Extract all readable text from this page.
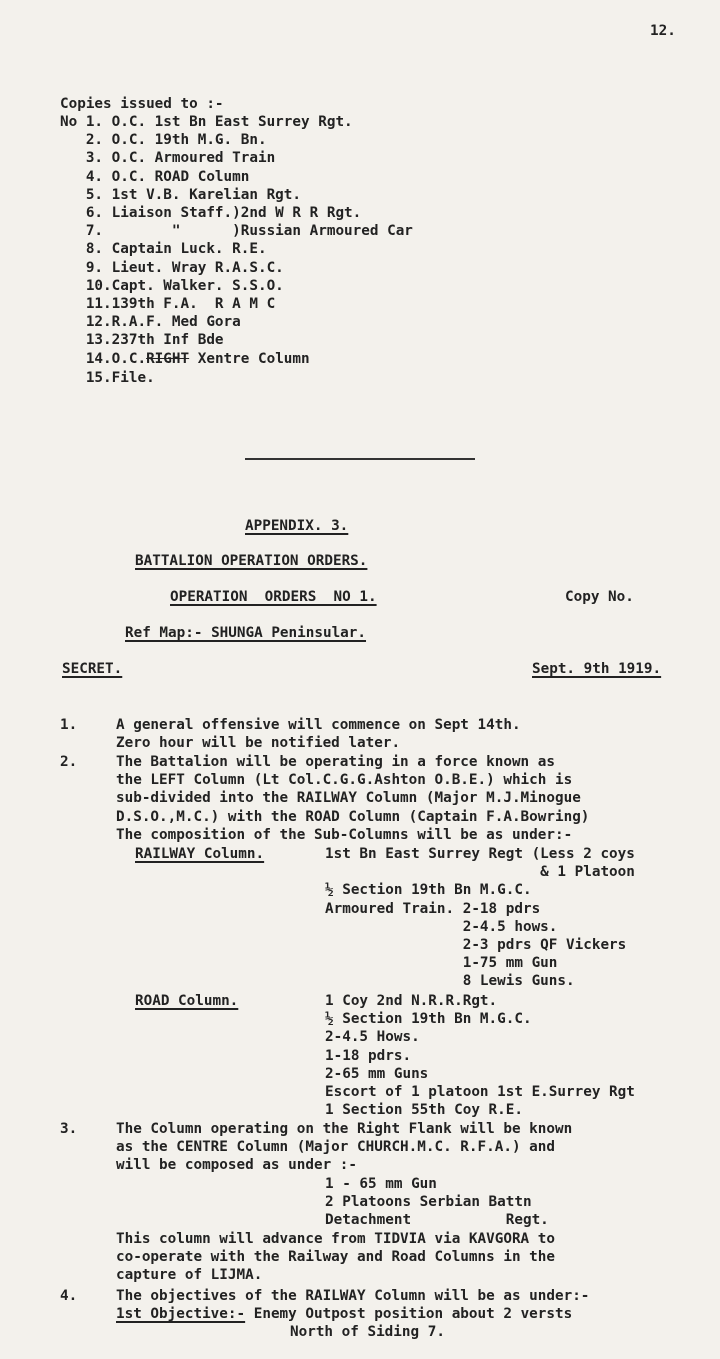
12.
Copies issued to :-
No 1. O.C. 1st Bn East Surrey Rgt.
2. O.C. 19th M.G. Bn.
3. O.C. Armoured Train
4. O.C. ROAD Column
5. 1st V.B. Karelian Rgt.
6. Liaison Staff.)2nd W R R Rgt.
7.        "      )Russian Armoured Car
8. Captain Luck. R.E.
9. Lieut. Wray R.A.S.C.
10.Capt. Walker. S.S.O.
11.139th F.A.  R A M C
12.R.A.F. Med Gora
13.237th Inf Bde
14.O.C.RIGHT Xentre Column
15.File.
APPENDIX. 3.
BATTALION OPERATION ORDERS.
OPERATION  ORDERS  NO 1.	Copy No.
Ref Map:- SHUNGA Peninsular.
SECRET.	Sept. 9th 1919.
1.	A general offensive will commence on Sept 14th.
Zero hour will be notified later.
2.	The Battalion will be operating in a force known as
the LEFT Column (Lt Col.C.G.G.Ashton O.B.E.) which is
sub-divided into the RAILWAY Column (Major M.J.Minogue
D.S.O.,M.C.) with the ROAD Column (Captain F.A.Bowring)
The composition of the Sub-Columns will be as under:-
RAILWAY Column.	1st Bn East Surrey Regt (Less 2 coys
& 1 Platoon
½ Section 19th Bn M.G.C.
Armoured Train. 2-18 pdrs
2-4.5 hows.
2-3 pdrs QF Vickers
1-75 mm Gun
8 Lewis Guns.
ROAD Column.	1 Coy 2nd N.R.R.Rgt.
½ Section 19th Bn M.G.C.
2-4.5 Hows.
1-18 pdrs.
2-65 mm Guns
Escort of 1 platoon 1st E.Surrey Rgt
1 Section 55th Coy R.E.
3.	The Column operating on the Right Flank will be known
as the CENTRE Column (Major CHURCH.M.C. R.F.A.) and
will be composed as under :-
1 - 65 mm Gun
2 Platoons Serbian Battn
Detachment           Regt.
This column will advance from TIDVIA via KAVGORA to
co-operate with the Railway and Road Columns in the
capture of LIJMA.
4.	The objectives of the RAILWAY Column will be as under:-
1st Objective:- Enemy Outpost position about 2 versts
North of Siding 7.
